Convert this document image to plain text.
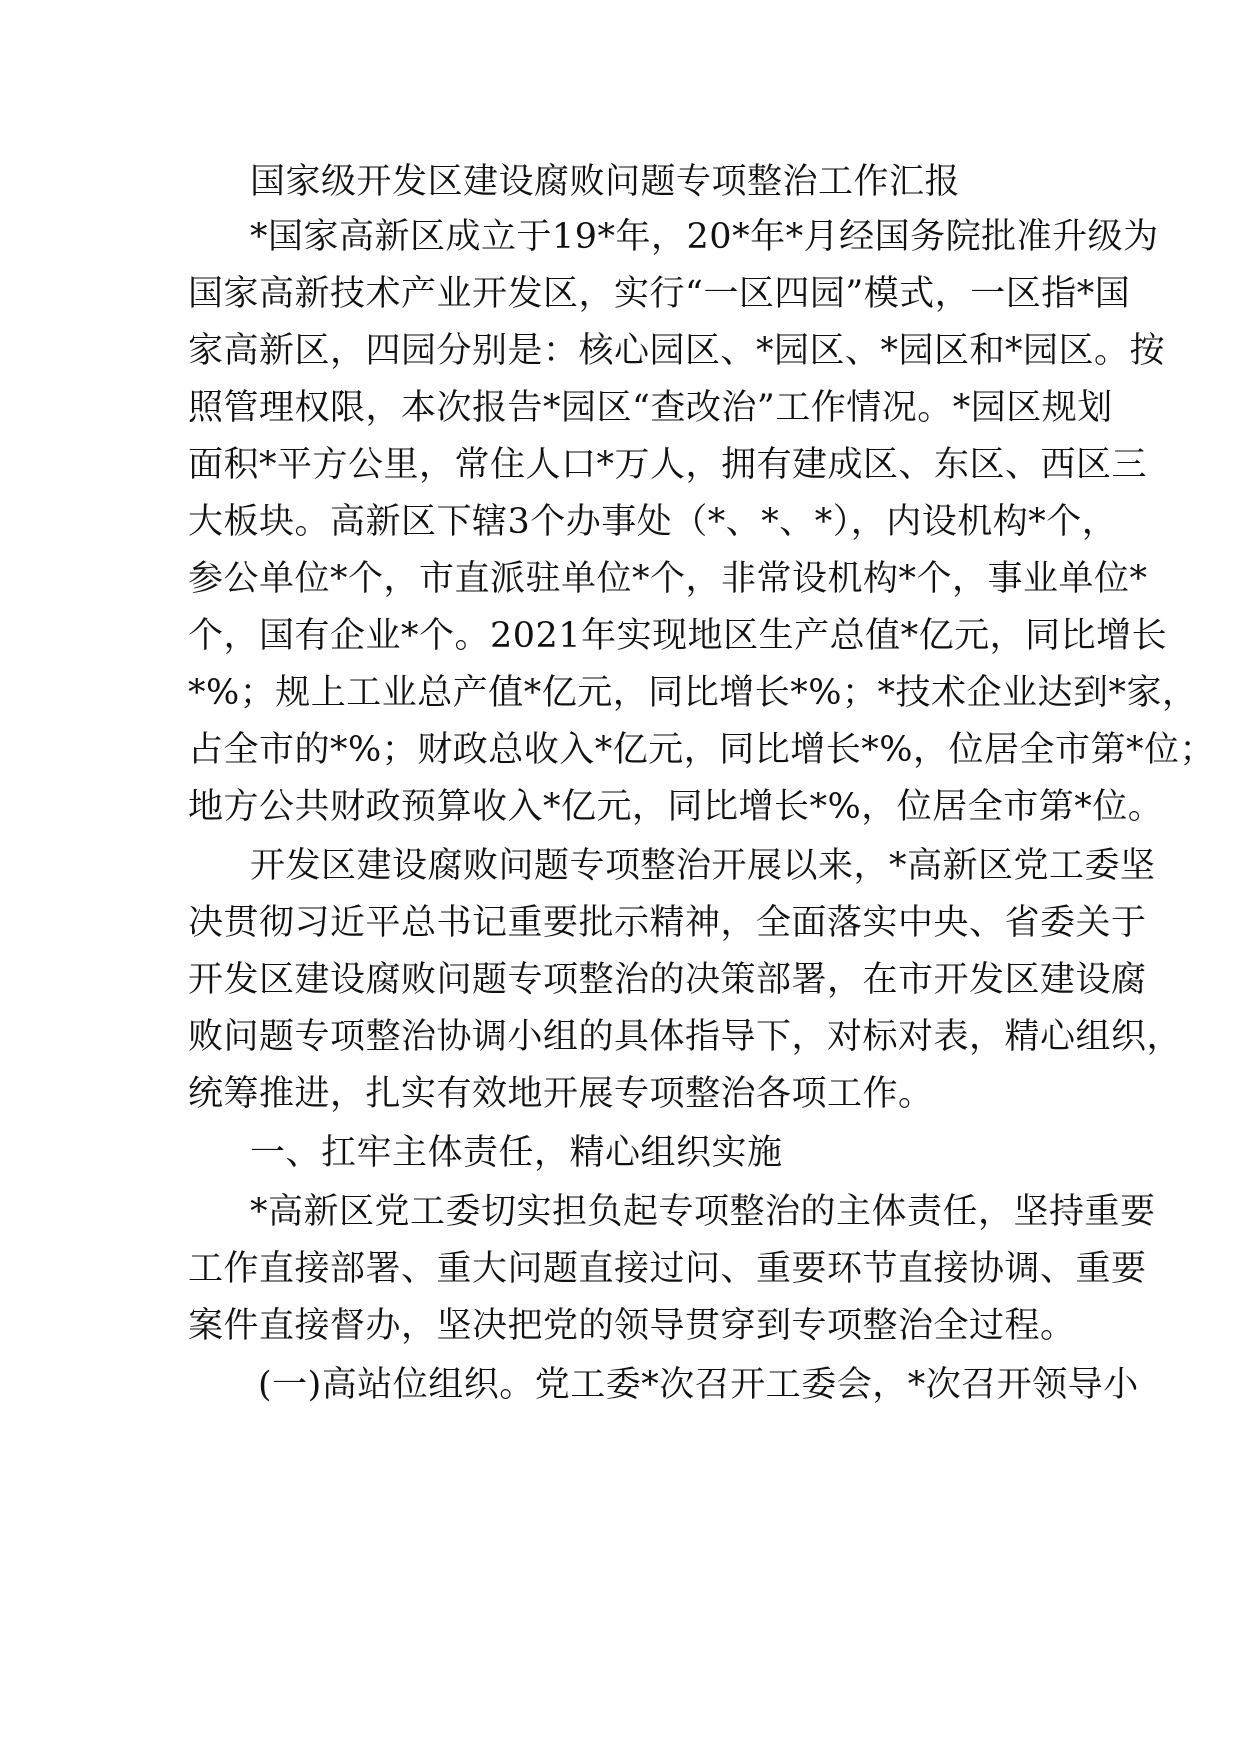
国家级开发区建设腐败问题专项整治工作汇报
*国家高新区成立于19*年，20*年*月经国务院批准升级为
国家高新技术产业开发区，实行“一区四园”模式，一区指*国
家高新区，四园分别是：核心园区、*园区、*园区和*园区。按
照管理权限，本次报告*园区“查改治”工作情况。*园区规划
面积*平方公里，常住人口*万人，拥有建成区、东区、西区三
大板块。高新区下辖3个办事处（*、*、*），内设机构*个，
参公单位*个，市直派驻单位*个，非常设机构*个，事业单位*
个，国有企业*个。2021年实现地区生产总值*亿元，同比增长
*%；规上工业总产值*亿元，同比增长*%；*技术企业达到*家，
占全市的*%；财政总收入*亿元，同比增长*%，位居全市第*位；
地方公共财政预算收入*亿元，同比增长*%，位居全市第*位。
开发区建设腐败问题专项整治开展以来，*高新区党工委坚
决贯彻习近平总书记重要批示精神，全面落实中央、省委关于
开发区建设腐败问题专项整治的决策部署，在市开发区建设腐
败问题专项整治协调小组的具体指导下，对标对表，精心组织，
统筹推进，扎实有效地开展专项整治各项工作。
一、扛牢主体责任，精心组织实施
*高新区党工委切实担负起专项整治的主体责任，坚持重要
工作直接部署、重大问题直接过问、重要环节直接协调、重要
案件直接督办，坚决把党的领导贯穿到专项整治全过程。
(一)高站位组织。党工委*次召开工委会，*次召开领导小
